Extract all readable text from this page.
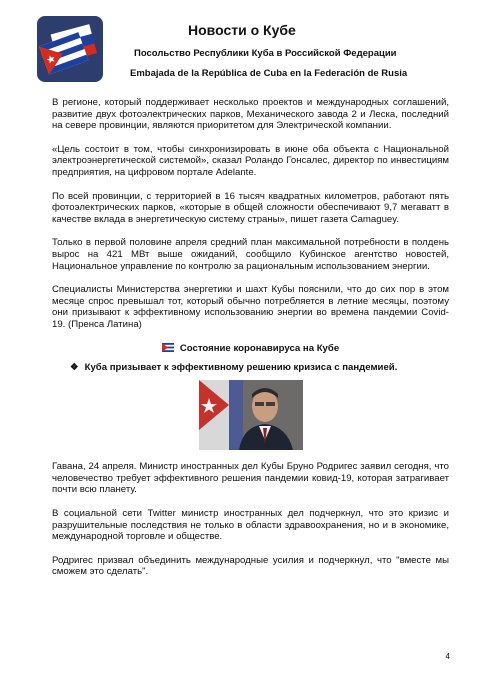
Новости о Кубе
Посольство Республики Куба в Российской Федерации
Embajada de la República de Cuba en la Federación de Rusia

В регионе, который поддерживает несколько проектов и международных соглашений, развитие двух фотоэлектрических парков, Механического завода 2 и Леска, последний на севере провинции, являются приоритетом для Электрической компании.

«Цель состоит в том, чтобы синхронизировать в июне оба объекта с Национальной электроэнергетической системой», сказал Роландо Гонсалес, директор по инвестициям предприятия, на цифровом портале Adelante.

По всей провинции, с территорией в 16 тысяч квадратных километров, работают пять фотоэлектрических парков, «которые в общей сложности обеспечивают 9,7 мегаватт в качестве вклада в энергетическую систему страны», пишет газета Camaguey.

Только в первой половине апреля средний план максимальной потребности в полдень вырос на 421 МВт выше ожиданий, сообщило Кубинское агентство новостей, Национальное управление по контролю за рациональным использованием энергии.

Специалисты Министерства энергетики и шахт Кубы пояснили, что до сих пор в этом месяце спрос превышал тот, который обычно потребляется в летние месяцы, поэтому они призывают к эффективному использованию энергии во времена пандемии Covid-19. (Пренса Латина)

Состояние коронавируса на Кубе
❖ Куба призывает к эффективному решению кризиса с пандемией.

Гавана, 24 апреля. Министр иностранных дел Кубы Бруно Родригес заявил сегодня, что человечество требует эффективного решения пандемии ковид-19, которая затрагивает почти всю планету.

В социальной сети Twitter министр иностранных дел подчеркнул, что это кризис и разрушительные последствия не только в области здравоохранения, но и в экономике, международной торговле и обществе.

Родригес призвал объединить международные усилия и подчеркнул, что "вместе мы сможем это сделать".

4
